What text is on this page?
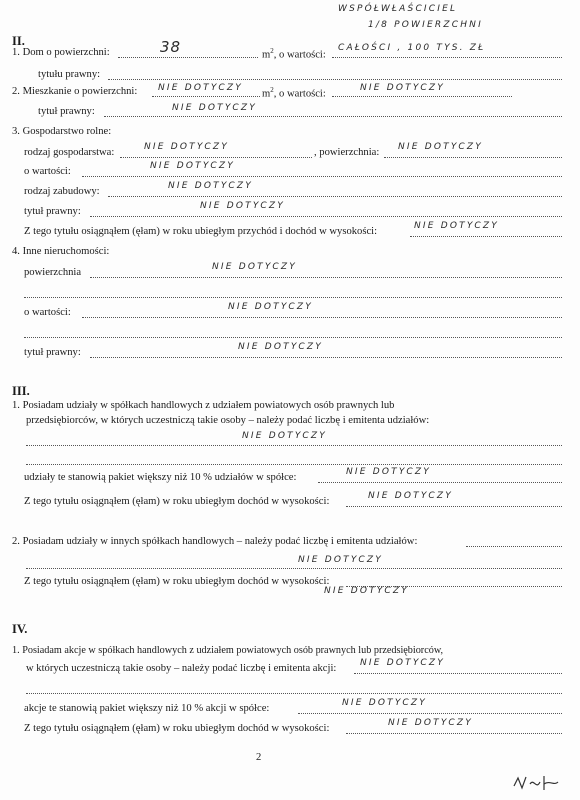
WSPÓŁWŁAŚCICIEL
1/8 POWIERZCHNI
II.
1. Dom o powierzchni:	38	$m^2$, o wartości:
CAŁOŚCI , 100 TYS. ZŁ
tytułu prawny:
2. Mieszkanie o powierzchni: NIE DOTYCZY
$m^2$, o wartości:
NIE DOTYCZY
tytuł prawny:	NIE DOTYCZY
3. Gospodarstwo rolne:
rodzaj gospodarstwa:	NIE DOTYCZY	, powierzchnia: NIE DOTYCZY
o wartości:	NIE DOTYCZY
rodzaj zabudowy:	NIE DOTYCZY
tytuł prawny:	NIE DOTYCZY
Z tego tytułu osiągnąłem (ęłam) w roku ubiegłym przychód i dochód w wysokości:	NIE DOTYCZY
4. Inne nieruchomości:
powierzchnia	NIE DOTYCZY
o wartości:	NIE DOTYCZY
tytuł prawny:	NIE DOTYCZY
III.
1. Posiadam udziały w spółkach handlowych z udziałem powiatowych osób prawnych lub
przedsiębiorców, w których uczestniczą takie osoby – należy podać liczbę i emitenta udziałów:
NIE DOTYCZY
udziały te stanowią pakiet większy niż 10 % udziałów w spółce:	NIE DOTYCZY
Z tego tytułu osiągnąłem (ęłam) w roku ubiegłym dochód w wysokości:	NIE DOTYCZY
2. Posiadam udziały w innych spółkach handlowych – należy podać liczbę i emitenta udziałów:
NIE DOTYCZY
Z tego tytułu osiągnąłem (ęłam) w roku ubiegłym dochód w wysokości:
NIE DOTYCZY
IV.
1. Posiadam akcje w spółkach handlowych z udziałem powiatowych osób prawnych lub przedsiębiorców,
w których uczestniczą takie osoby – należy podać liczbę i emitenta akcji:	NIE DOTYCZY
akcje te stanowią pakiet większy niż 10 % akcji w spółce:	NIE DOTYCZY
Z tego tytułu osiągnąłem (ęłam) w roku ubiegłym dochód w wysokości:	NIE DOTYCZY
2
